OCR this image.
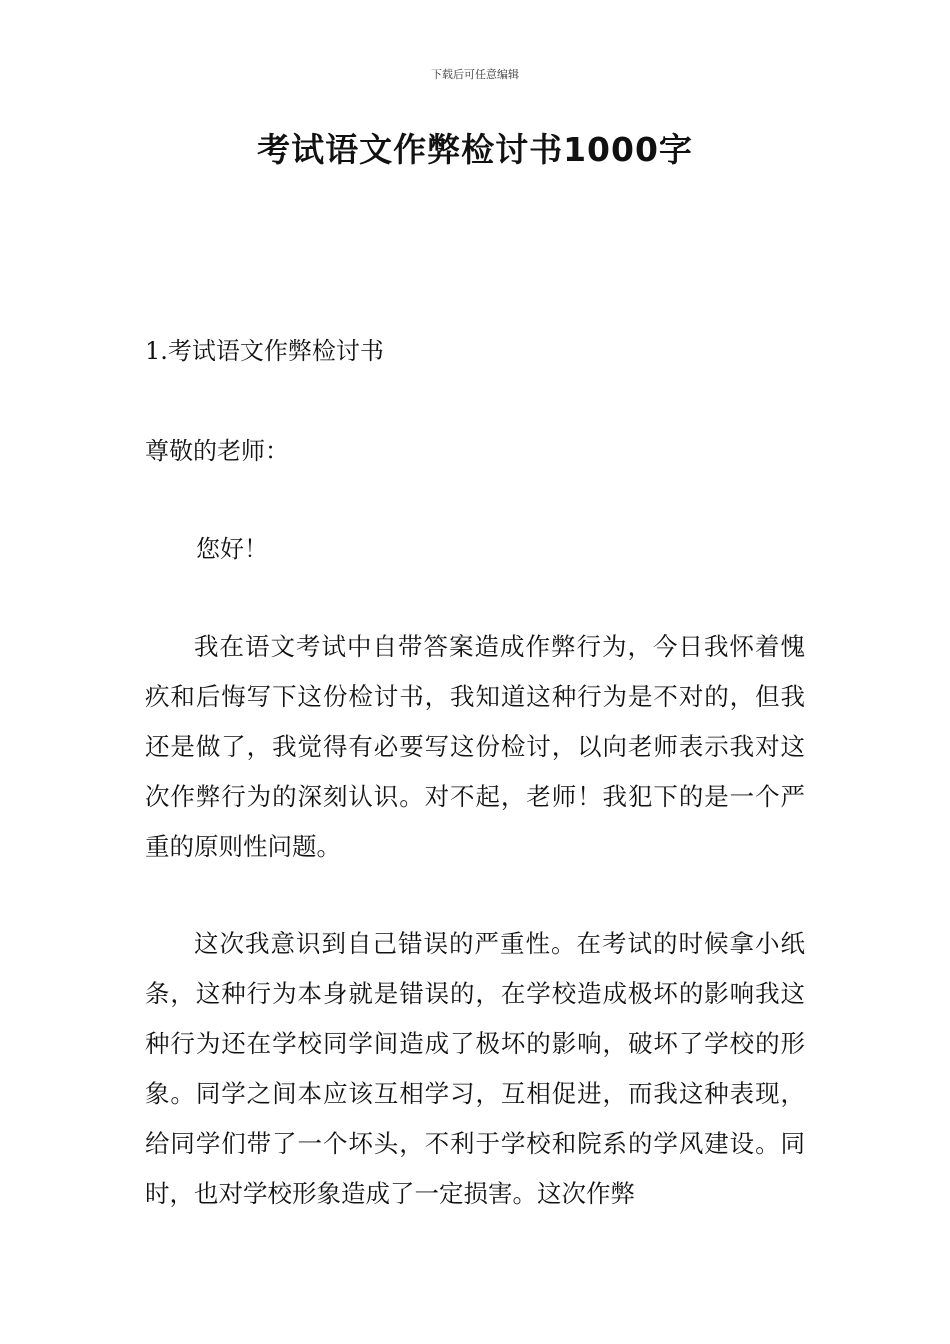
下载后可任意编辑
考试语文作弊检讨书1000字
1.考试语文作弊检讨书
尊敬的老师：
您好！

我在语文考试中自带答案造成作弊行为，今日我怀着愧疚和后悔写下这份检讨书，我知道这种行为是不对的，但我还是做了，我觉得有必要写这份检讨，以向老师表示我对这次作弊行为的深刻认识。对不起，老师！我犯下的是一个严重的原则性问题。

这次我意识到自己错误的严重性。在考试的时候拿小纸条，这种行为本身就是错误的，在学校造成极坏的影响我这种行为还在学校同学间造成了极坏的影响，破坏了学校的形象。同学之间本应该互相学习，互相促进，而我这种表现，给同学们带了一个坏头，不利于学校和院系的学风建设。同时，也对学校形象造成了一定损害。这次作弊
